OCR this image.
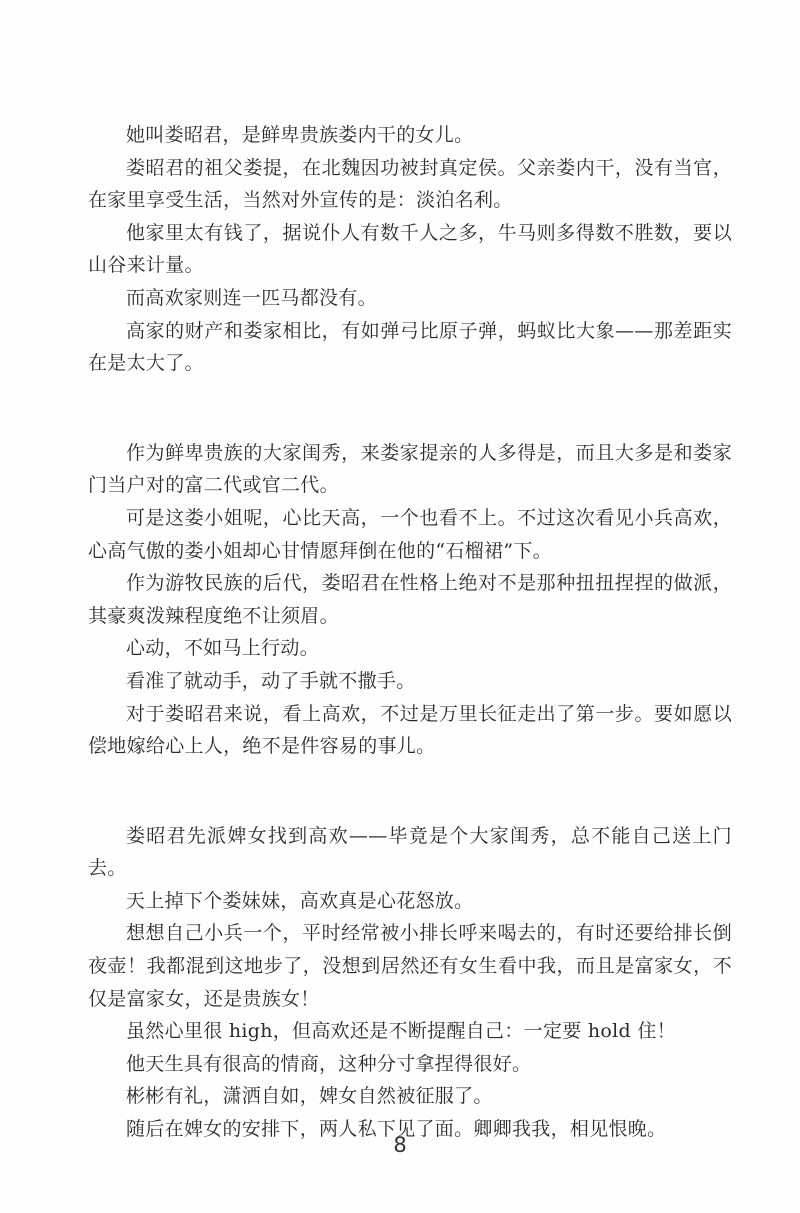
她叫娄昭君，是鲜卑贵族娄内干的女儿。

娄昭君的祖父娄提，在北魏因功被封真定侯。父亲娄内干，没有当官，在家里享受生活，当然对外宣传的是：淡泊名利。

他家里太有钱了，据说仆人有数千人之多，牛马则多得数不胜数，要以山谷来计量。

而高欢家则连一匹马都没有。

高家的财产和娄家相比，有如弹弓比原子弹，蚂蚁比大象——那差距实在是太大了。

作为鲜卑贵族的大家闺秀，来娄家提亲的人多得是，而且大多是和娄家门当户对的富二代或官二代。

可是这娄小姐呢，心比天高，一个也看不上。不过这次看见小兵高欢，心高气傲的娄小姐却心甘情愿拜倒在他的“石榴裙”下。

作为游牧民族的后代，娄昭君在性格上绝对不是那种扭扭捏捏的做派，其豪爽泼辣程度绝不让须眉。

心动，不如马上行动。

看准了就动手，动了手就不撒手。

对于娄昭君来说，看上高欢，不过是万里长征走出了第一步。要如愿以偿地嫁给心上人，绝不是件容易的事儿。

娄昭君先派婢女找到高欢——毕竟是个大家闺秀，总不能自己送上门去。

天上掉下个娄妹妹，高欢真是心花怒放。

想想自己小兵一个，平时经常被小排长呼来喝去的，有时还要给排长倒夜壶！我都混到这地步了，没想到居然还有女生看中我，而且是富家女，不仅是富家女，还是贵族女！

虽然心里很 high，但高欢还是不断提醒自己：一定要 hold 住！

他天生具有很高的情商，这种分寸拿捏得很好。

彬彬有礼，潇洒自如，婢女自然被征服了。

随后在婢女的安排下，两人私下见了面。卿卿我我，相见恨晚。

8
